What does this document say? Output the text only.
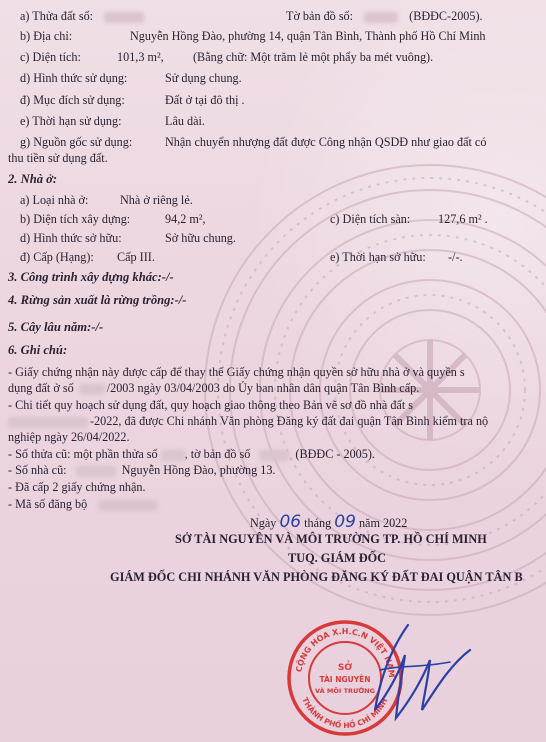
a) Thửa đất số:	Tờ bản đồ số:	(BĐĐC-2005).
b) Địa chỉ:	Nguyễn Hồng Đào, phường 14, quận Tân Bình, Thành phố Hồ Chí Minh
c) Diện tích:	101,3 m², (Bằng chữ: Một trăm lẻ một phẩy ba mét vuông).
d) Hình thức sử dụng:	Sử dụng chung.
đ) Mục đích sử dụng:	Đất ở tại đô thị .
e) Thời hạn sử dụng:	Lâu dài.
g) Nguồn gốc sử dụng:	Nhận chuyển nhượng đất được Công nhận QSDĐ như giao đất có
thu tiền sử dụng đất.
2. Nhà ở:
a) Loại nhà ở:	Nhà ở riêng lẻ.
b) Diện tích xây dựng:	94,2 m²,	c) Diện tích sàn: 127,6 m² .
d) Hình thức sở hữu:	Sở hữu chung.
đ) Cấp (Hạng): Cấp III.	e) Thời hạn sở hữu: -/-.
3. Công trình xây dựng khác:-/-
4. Rừng sản xuất là rừng trồng:-/-
5. Cây lâu năm:-/-
6. Ghi chú:
- Giấy chứng nhận này được cấp để thay thế Giấy chứng nhận quyền sở hữu nhà ở và quyền s
dụng đất ở số	/2003 ngày 03/04/2003 do Ủy ban nhân dân quận Tân Bình cấp.
- Chi tiết quy hoạch sử dụng đất, quy hoạch giao thông theo Bản vẽ sơ đồ nhà đất s
-2022, đã được Chi nhánh Văn phòng Đăng ký đất đai quận Tân Bình kiểm tra nộ
nghiệp ngày 26/04/2022.
- Số thửa cũ: một phần thửa số , tờ bản đồ số	(BĐĐC - 2005).
- Số nhà cũ:	Nguyễn Hồng Đào, phường 13.
- Đã cấp 2 giấy chứng nhận.
- Mã số đăng bộ
Ngày 06 tháng 09 năm 2022
SỞ TÀI NGUYÊN VÀ MÔI TRƯỜNG TP. HỒ CHÍ MINH
TUQ. GIÁM ĐỐC
GIÁM ĐỐC CHI NHÁNH VĂN PHÒNG ĐĂNG KÝ ĐẤT ĐAI QUẬN TÂN B
CỘNG HÒA X.H.C.N VIỆT NAM
THÀNH PHỐ HỒ CHÍ MINH
SỞ
TÀI NGUYÊN
VÀ MÔI TRƯỜNG
